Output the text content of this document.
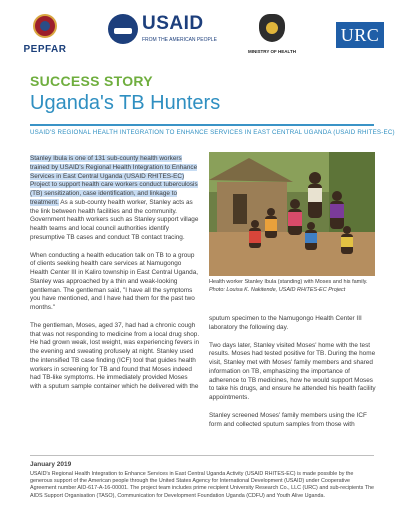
PEPFAR
USAID
FROM THE AMERICAN PEOPLE
MINISTRY OF HEALTH
URC
SUCCESS STORY
Uganda's TB Hunters
USAID'S REGIONAL HEALTH INTEGRATION TO ENHANCE SERVICES IN EAST CENTRAL UGANDA (USAID RHITES-EC)

Stanley Ibula is one of 131 sub-county health workers trained by USAID's Regional Health Integration to Enhance Services in East Central Uganda (USAID RHITES-EC) Project to support health care workers conduct tuberculosis (TB) sensitization, case identification, and linkage to treatment. As a sub-county health worker, Stanley acts as the link between health facilities and the community. Government health workers such as Stanley support village health teams and local council authorities identify presumptive TB cases and conduct TB contact tracing.

When conducting a health education talk on TB to a group of clients seeking health care services at Namugongo Health Center III in Kaliro township in East Central Uganda, Stanley was approached by a thin and weak-looking gentleman. The gentleman said, "I have all the symptoms you have mentioned, and I have had them for the past two months."

The gentleman, Moses, aged 37, had had a chronic cough that was not responding to medicine from a local drug shop. He had grown weak, lost weight, was experiencing fevers in the evening and sweating profusely at night. Stanley used the intensified TB case finding (ICF) tool that guides health workers in screening for TB and found that Moses indeed had TB-like symptoms. He immediately provided Moses with a sputum sample container which he delivered with the

Health worker Stanley Ibula (standing) with Moses and his family. Photo: Louisa K. Nakitende, USAID RHITES-EC Project

sputum specimen to the Namugongo Health Center III laboratory the following day.

Two days later, Stanley visited Moses' home with the test results. Moses had tested positive for TB. During the home visit, Stanley met with Moses' family members and shared information on TB, emphasizing the importance of adherence to TB medicines, how he would support Moses to take his drugs, and ensure he attended his health facility appointments.

Stanley screened Moses' family members using the ICF form and collected sputum samples from those with

January 2019
USAID's Regional Health Integration to Enhance Services in East Central Uganda Activity (USAID RHITES-EC) is made possible by the generous support of the American people through the United States Agency for International Development (USAID) under Cooperative Agreement number AID-617-A-16-00001. The project team includes prime recipient University Research Co., LLC (URC) and sub-recipients The AIDS Support Organisation (TASO), Communication for Development Foundation Uganda (CDFU) and Youth Alive Uganda.
